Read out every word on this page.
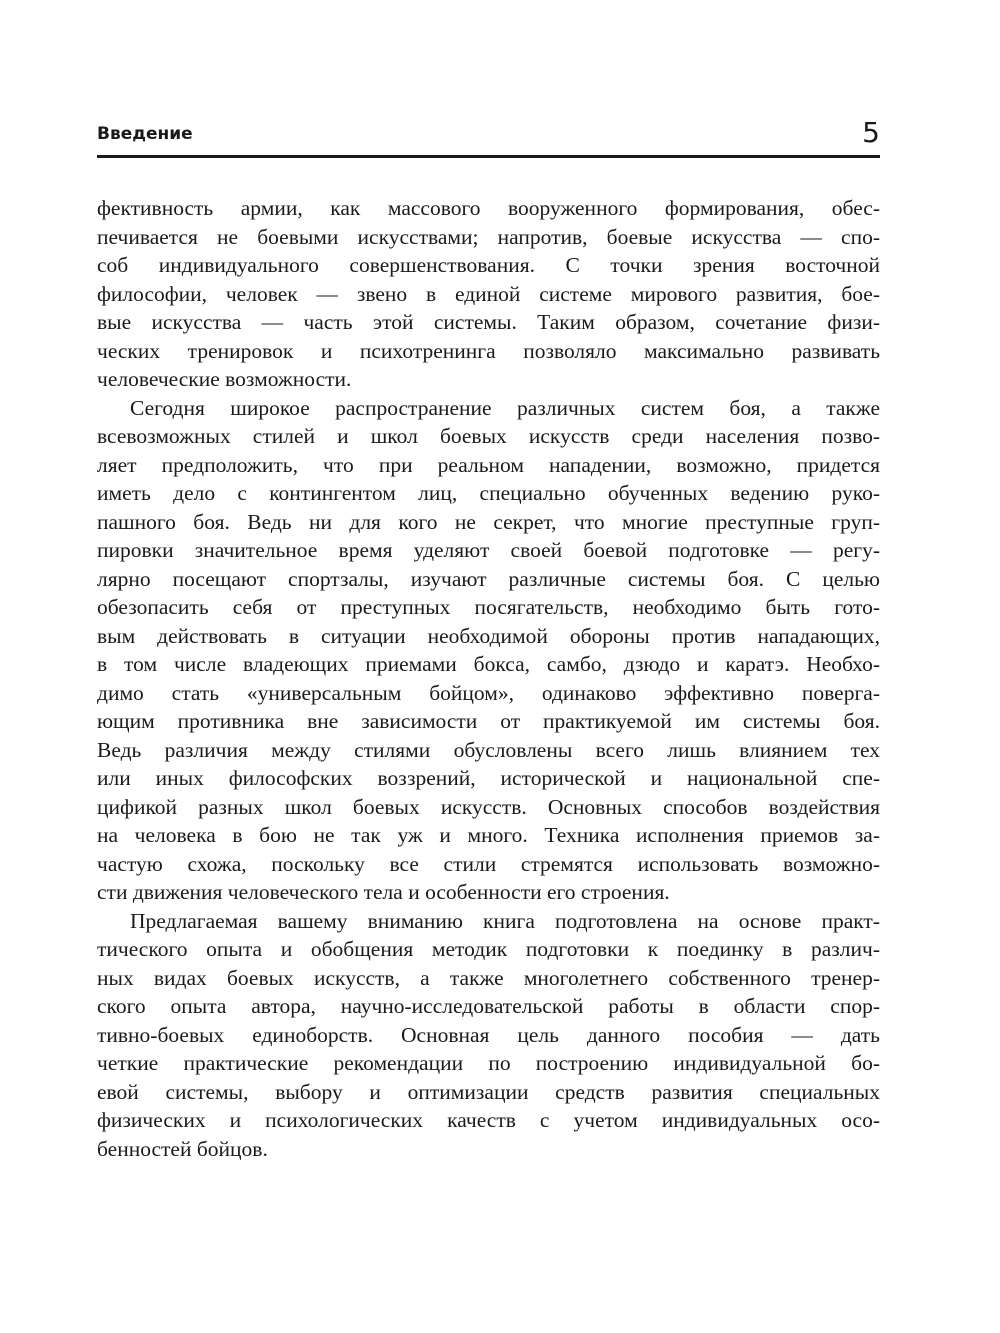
Введение	5
фективность армии, как массового вооруженного формирования, обес-
печивается не боевыми искусствами; напротив, боевые искусства — спо-
соб индивидуального совершенствования. С точки зрения восточной
философии, человек — звено в единой системе мирового развития, бое-
вые искусства — часть этой системы. Таким образом, сочетание физи-
ческих тренировок и психотренинга позволяло максимально развивать
человеческие возможности.
Сегодня широкое распространение различных систем боя, а также
всевозможных стилей и школ боевых искусств среди населения позво-
ляет предположить, что при реальном нападении, возможно, придется
иметь дело с контингентом лиц, специально обученных ведению руко-
пашного боя. Ведь ни для кого не секрет, что многие преступные груп-
пировки значительное время уделяют своей боевой подготовке — регу-
лярно посещают спортзалы, изучают различные системы боя. С целью
обезопасить себя от преступных посягательств, необходимо быть гото-
вым действовать в ситуации необходимой обороны против нападающих,
в том числе владеющих приемами бокса, самбо, дзюдо и каратэ. Необхо-
димо стать «универсальным бойцом», одинаково эффективно поверга-
ющим противника вне зависимости от практикуемой им системы боя.
Ведь различия между стилями обусловлены всего лишь влиянием тех
или иных философских воззрений, исторической и национальной спе-
цификой разных школ боевых искусств. Основных способов воздействия
на человека в бою не так уж и много. Техника исполнения приемов за-
частую схожа, поскольку все стили стремятся использовать возможно-
сти движения человеческого тела и особенности его строения.
Предлагаемая вашему вниманию книга подготовлена на основе практ-
тического опыта и обобщения методик подготовки к поединку в различ-
ных видах боевых искусств, а также многолетнего собственного тренер-
ского опыта автора, научно-исследовательской работы в области спор-
тивно-боевых единоборств. Основная цель данного пособия — дать
четкие практические рекомендации по построению индивидуальной бо-
евой системы, выбору и оптимизации средств развития специальных
физических и психологических качеств с учетом индивидуальных осо-
бенностей бойцов.
